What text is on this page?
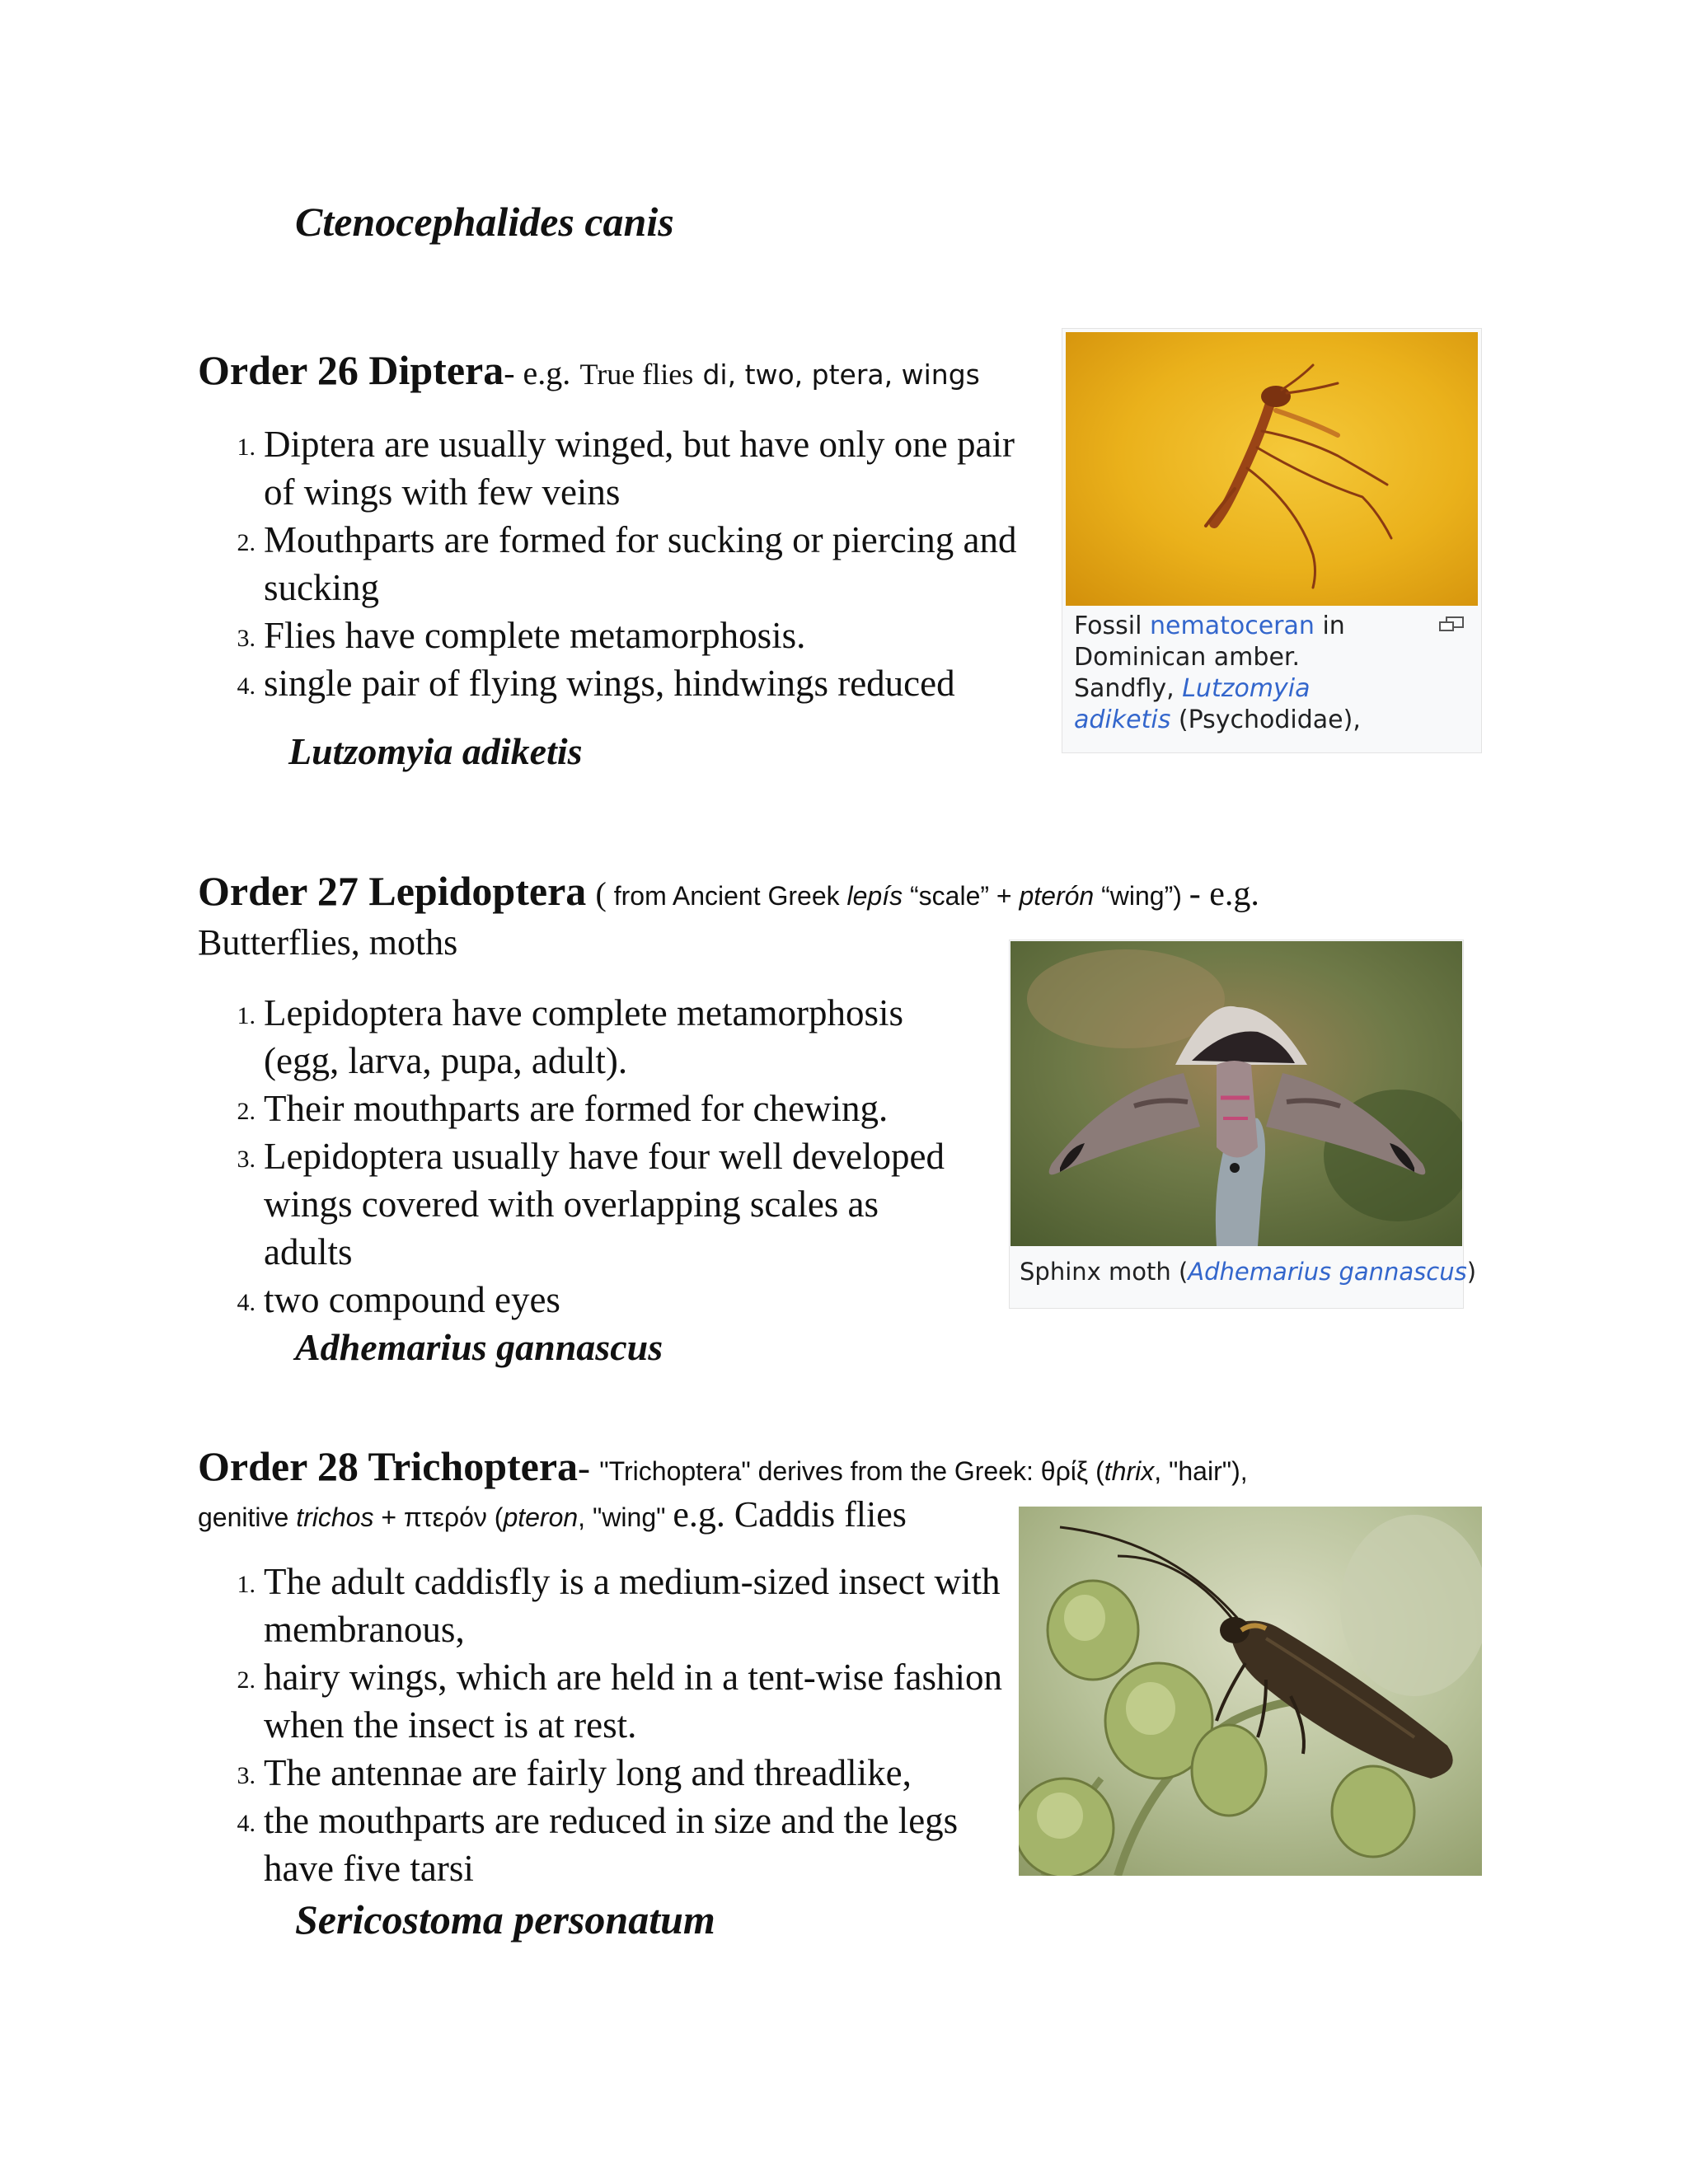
Ctenocephalides canis
Order 26 Diptera- e.g. True flies di, two, ptera, wings
1 . Diptera are usually winged, but have only one pair of wings with few veins
2 . Mouthparts are formed for sucking or piercing and sucking
3 . Flies have complete metamorphosis.
4 . single pair of flying wings, hindwings reduced
Lutzomyia adiketis
Fossil nematoceran in
Dominican amber.
Sandfly, Lutzomyia
adiketis (Psychodidae),
Order 27 Lepidoptera ( from Ancient Greek lepís “scale” + pterón “wing”) - e.g.
Butterflies, moths
1 . Lepidoptera have complete metamorphosis (egg, larva, pupa, adult).
2 . Their mouthparts are formed for chewing.
3 . Lepidoptera usually have four well developed wings covered with overlapping scales as adults
4 . two compound eyes
Adhemarius gannascus
Sphinx moth (Adhemarius gannascus)
Order 28 Trichoptera- "Trichoptera" derives from the Greek: θρίξ (thrix, "hair"),
genitive trichos + πτερόν (pteron, "wing" e.g. Caddis flies
1 . The adult caddisfly is a medium-sized insect with membranous,
2 . hairy wings, which are held in a tent-wise fashion when the insect is at rest.
3 . The antennae are fairly long and threadlike,
4 . the mouthparts are reduced in size and the legs have five tarsi
Sericostoma personatum
